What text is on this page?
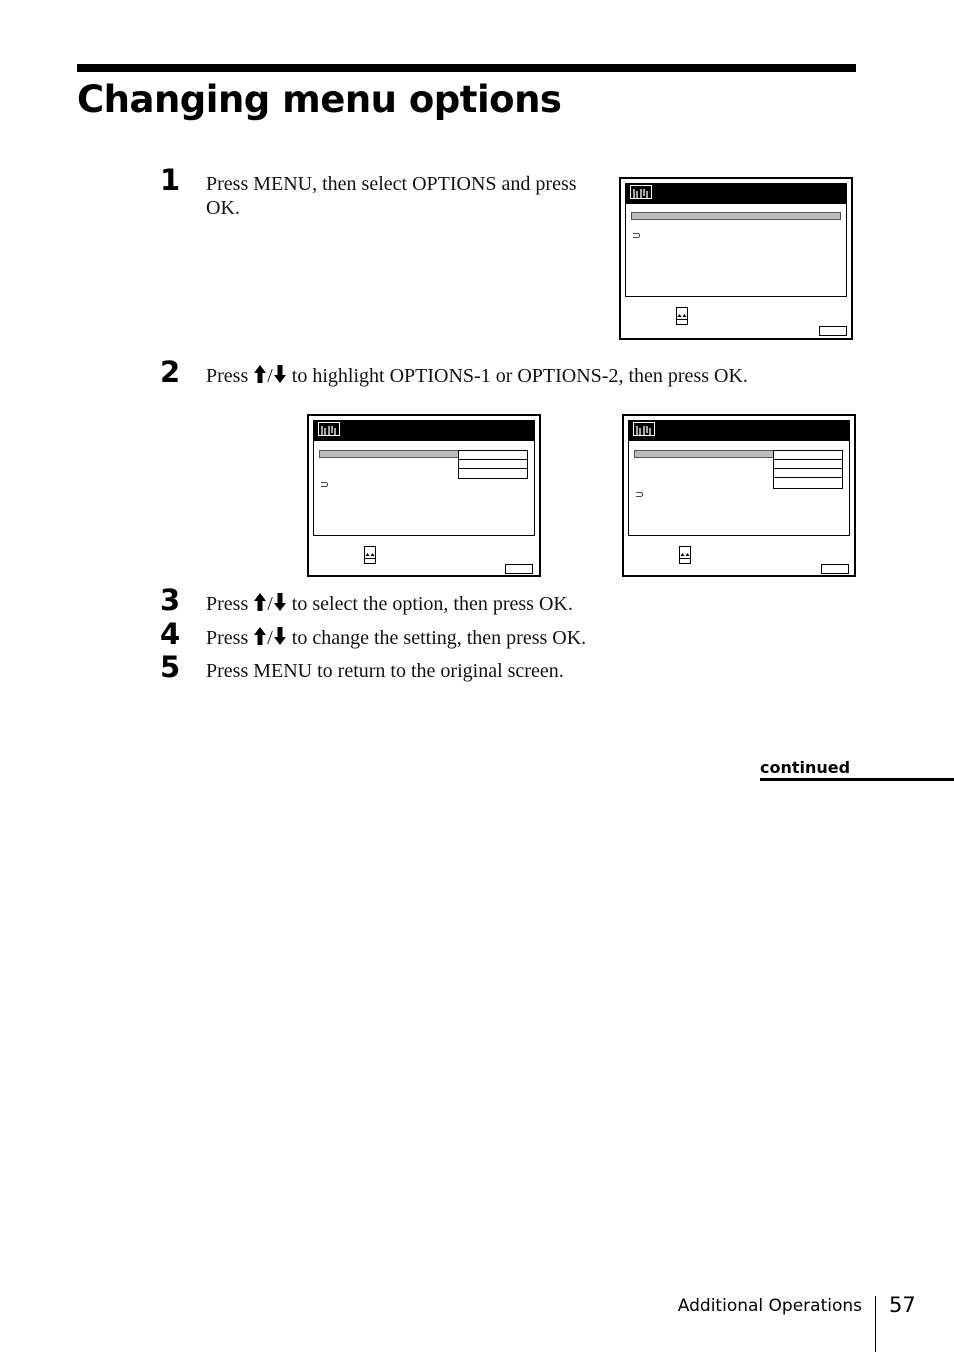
Changing menu options
1 Press MENU, then select OPTIONS and press OK.
⊃
2 Press / to highlight OPTIONS-1 or OPTIONS-2, then press OK.
⊃
⊃
3 Press / to select the option, then press OK.
4 Press / to change the setting, then press OK.
5 Press MENU to return to the original screen.
continued
Additional Operations 57
